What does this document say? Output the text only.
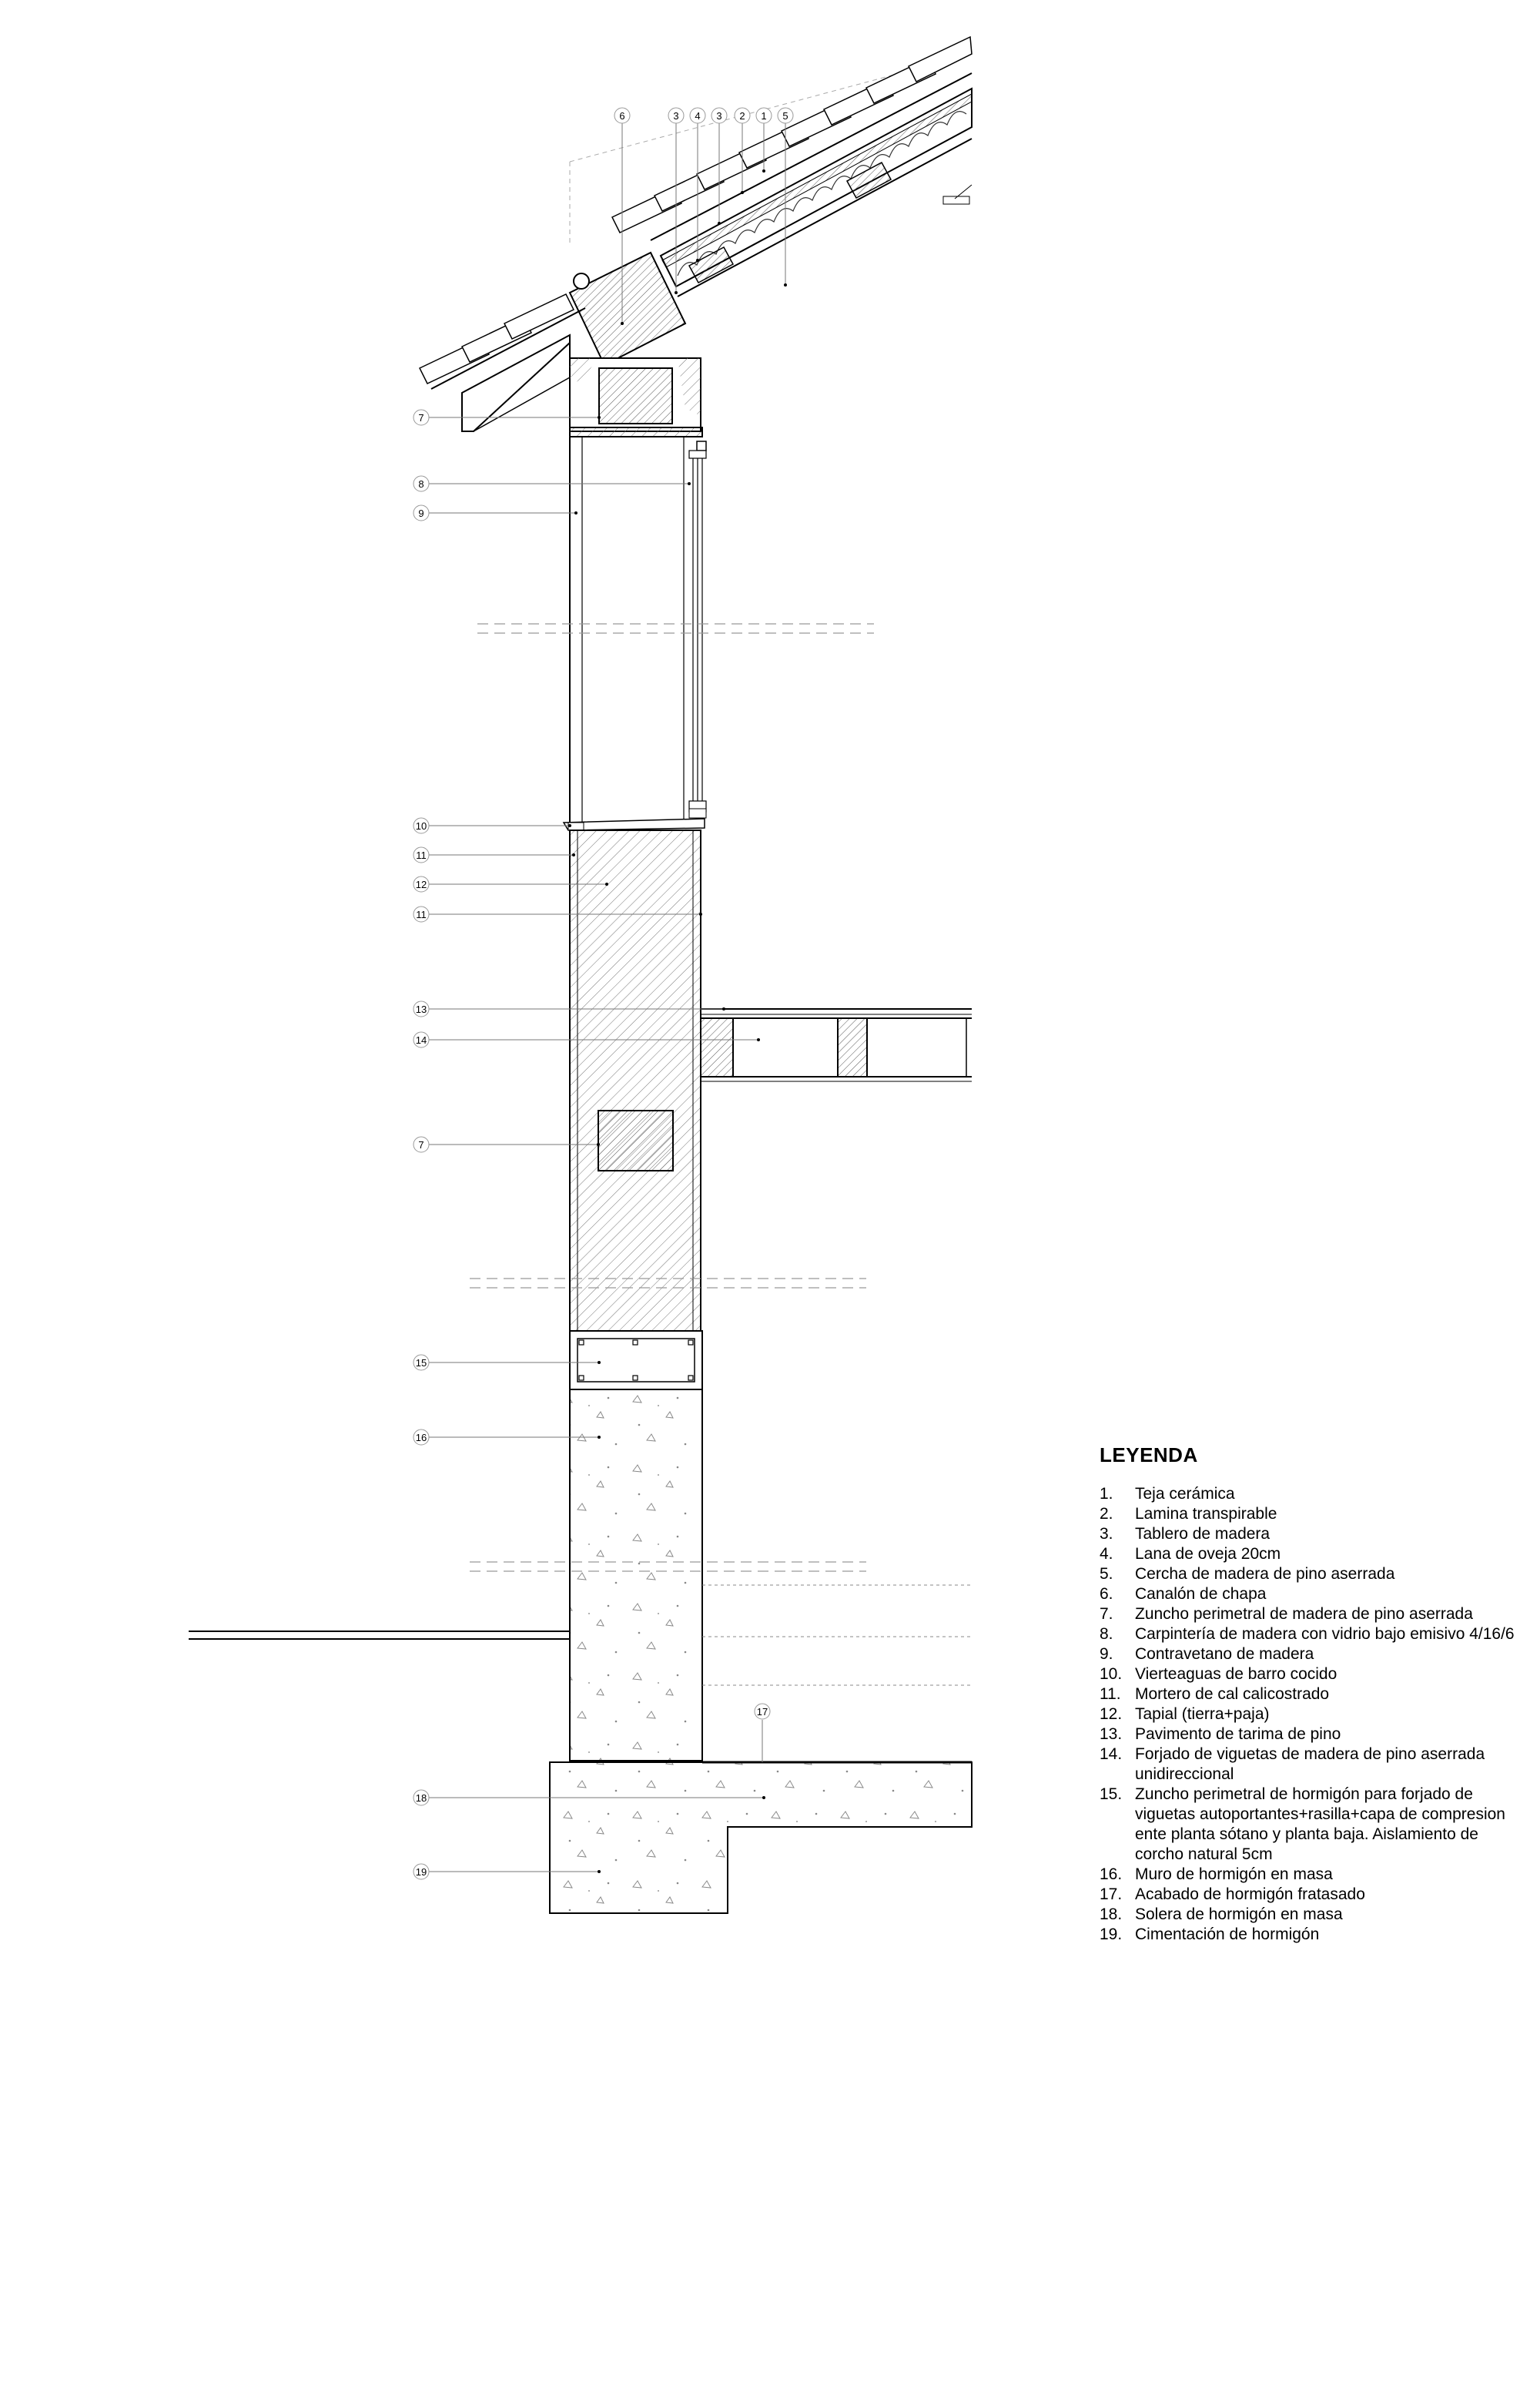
6	3 4 3 2 1 5
7
8
9
10
11
12
11
13
14
7
15
16
18
19
17
LEYENDA
1.	Teja cerámica
2.	Lamina transpirable
3.	Tablero de madera
4.	Lana de oveja 20cm
5.	Cercha de madera de pino aserrada
6.	Canalón de chapa
7.	Zuncho perimetral de madera de pino aserrada
8.	Carpintería de madera con vidrio bajo emisivo 4/16/6
9.	Contravetano de madera
10. Vierteaguas de barro cocido
11. Mortero de cal calicostrado
12. Tapial (tierra+paja)
13. Pavimento de tarima de pino
14. Forjado de viguetas de madera de pino aserrada unidireccional
15. Zuncho perimetral de hormigón para forjado de viguetas autoportantes+rasilla+capa de compresion ente planta sótano y planta baja. Aislamiento de corcho natural 5cm
16. Muro de hormigón en masa
17. Acabado de hormigón fratasado
18. Solera de hormigón en masa
19. Cimentación de hormigón
